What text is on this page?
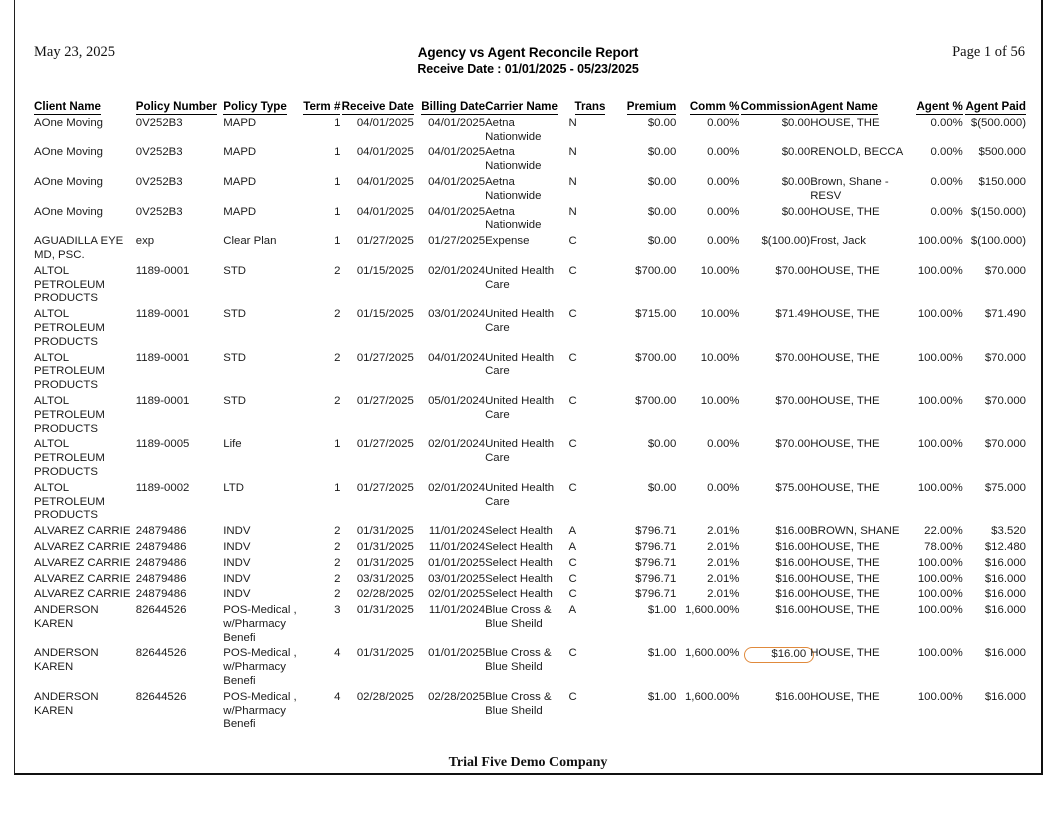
May 23, 2025	Agency vs Agent Reconcile Report
Receive Date : 01/01/2025 - 05/23/2025
Page 1 of 56
Client Name	Policy Number	Policy Type	Term #	Receive Date	Billing Date	Carrier Name	Trans	Premium	Comm %	Commission	Agent Name	Agent %	Agent Paid
AOne Moving	0V252B3	MAPD	1	04/01/2025	04/01/2025	Aetna Nationwide	N	$0.00	0.00%	$0.00	HOUSE, THE	0.00%	$(500.000)
AOne Moving	0V252B3	MAPD	1	04/01/2025	04/01/2025	Aetna Nationwide	N	$0.00	0.00%	$0.00	RENOLD, BECCA	0.00%	$500.000
AOne Moving	0V252B3	MAPD	1	04/01/2025	04/01/2025	Aetna Nationwide	N	$0.00	0.00%	$0.00	Brown, Shane - RESV	0.00%	$150.000
AOne Moving	0V252B3	MAPD	1	04/01/2025	04/01/2025	Aetna Nationwide	N	$0.00	0.00%	$0.00	HOUSE, THE	0.00%	$(150.000)
AGUADILLA EYE MD, PSC.	exp	Clear Plan	1	01/27/2025	01/27/2025	Expense	C	$0.00	0.00%	$(100.00)	Frost, Jack	100.00%	$(100.000)
ALTOL PETROLEUM PRODUCTS	1189-0001	STD	2	01/15/2025	02/01/2024	United Health Care	C	$700.00	10.00%	$70.00	HOUSE, THE	100.00%	$70.000
ALTOL PETROLEUM PRODUCTS	1189-0001	STD	2	01/15/2025	03/01/2024	United Health Care	C	$715.00	10.00%	$71.49	HOUSE, THE	100.00%	$71.490
ALTOL PETROLEUM PRODUCTS	1189-0001	STD	2	01/27/2025	04/01/2024	United Health Care	C	$700.00	10.00%	$70.00	HOUSE, THE	100.00%	$70.000
ALTOL PETROLEUM PRODUCTS	1189-0001	STD	2	01/27/2025	05/01/2024	United Health Care	C	$700.00	10.00%	$70.00	HOUSE, THE	100.00%	$70.000
ALTOL PETROLEUM PRODUCTS	1189-0005	Life	1	01/27/2025	02/01/2024	United Health Care	C	$0.00	0.00%	$70.00	HOUSE, THE	100.00%	$70.000
ALTOL PETROLEUM PRODUCTS	1189-0002	LTD	1	01/27/2025	02/01/2024	United Health Care	C	$0.00	0.00%	$75.00	HOUSE, THE	100.00%	$75.000
ALVAREZ CARRIE	24879486	INDV	2	01/31/2025	11/01/2024	Select Health	A	$796.71	2.01%	$16.00	BROWN, SHANE	22.00%	$3.520
ALVAREZ CARRIE	24879486	INDV	2	01/31/2025	11/01/2024	Select Health	A	$796.71	2.01%	$16.00	HOUSE, THE	78.00%	$12.480
ALVAREZ CARRIE	24879486	INDV	2	01/31/2025	01/01/2025	Select Health	C	$796.71	2.01%	$16.00	HOUSE, THE	100.00%	$16.000
ALVAREZ CARRIE	24879486	INDV	2	03/31/2025	03/01/2025	Select Health	C	$796.71	2.01%	$16.00	HOUSE, THE	100.00%	$16.000
ALVAREZ CARRIE	24879486	INDV	2	02/28/2025	02/01/2025	Select Health	C	$796.71	2.01%	$16.00	HOUSE, THE	100.00%	$16.000
ANDERSON KAREN	82644526	POS-Medical , w/Pharmacy Benefi	3	01/31/2025	11/01/2024	Blue Cross & Blue Sheild	A	$1.00	1,600.00%	$16.00	HOUSE, THE	100.00%	$16.000
ANDERSON KAREN	82644526	POS-Medical , w/Pharmacy Benefi	4	01/31/2025	01/01/2025	Blue Cross & Blue Sheild	C	$1.00	1,600.00%	$16.00	HOUSE, THE	100.00%	$16.000
ANDERSON KAREN	82644526	POS-Medical , w/Pharmacy Benefi	4	02/28/2025	02/28/2025	Blue Cross & Blue Sheild	C	$1.00	1,600.00%	$16.00	HOUSE, THE	100.00%	$16.000
Trial Five Demo Company
